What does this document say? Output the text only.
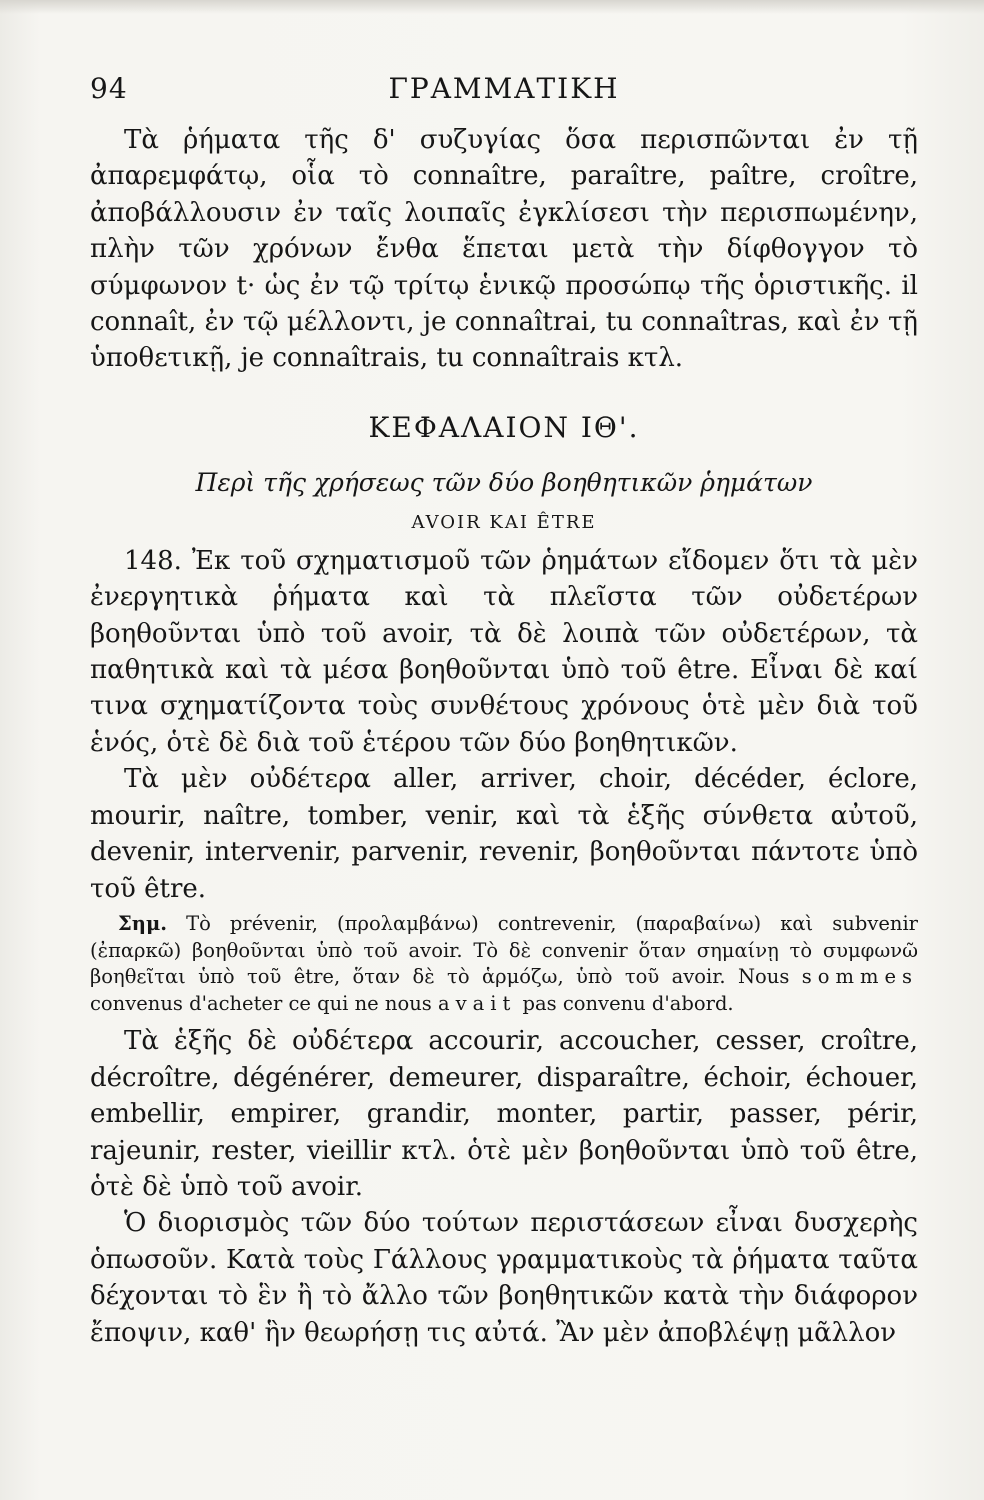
94	ΓΡΑΜΜΑΤΙΚΗ

Τὰ ῥήματα τῆς δ' συζυγίας ὅσα περισπῶνται ἐν τῇ ἀπαρεμφάτῳ, οἷα τὸ connaître, paraître, paître, croître, ἀποβάλλουσιν ἐν ταῖς λοιπαῖς ἐγκλίσεσι τὴν περισπωμένην, πλὴν τῶν χρόνων ἔνθα ἕπεται μετὰ τὴν δίφθογγον τὸ σύμφωνον t· ὡς ἐν τῷ τρίτῳ ἑνικῷ προσώπῳ τῆς ὁριστικῆς. il connaît, ἐν τῷ μέλλοντι, je connaîtrai, tu connaîtras, καὶ ἐν τῇ ὑποθετικῇ, je connaîtrais, tu connaîtrais κτλ.

ΚΕΦΑΛΑΙΟΝ ΙΘ'.
Περὶ τῆς χρήσεως τῶν δύο βοηθητικῶν ῥημάτων
AVOIR ΚΑΙ ÊTRE

148. Ἐκ τοῦ σχηματισμοῦ τῶν ῥημάτων εἴδομεν ὅτι τὰ μὲν ἐνεργητικὰ ῥήματα καὶ τὰ πλεῖστα τῶν οὐδετέρων βοηθοῦνται ὑπὸ τοῦ avoir, τὰ δὲ λοιπὰ τῶν οὐδετέρων, τὰ παθητικὰ καὶ τὰ μέσα βοηθοῦνται ὑπὸ τοῦ être. Εἶναι δὲ καί τινα σχηματίζοντα τοὺς συνθέτους χρόνους ὁτὲ μὲν διὰ τοῦ ἑνός, ὁτὲ δὲ διὰ τοῦ ἑτέρου τῶν δύο βοηθητικῶν.

Τὰ μὲν οὐδέτερα aller, arriver, choir, décéder, éclore, mourir, naître, tomber, venir, καὶ τὰ ἑξῆς σύνθετα αὐτοῦ, devenir, intervenir, parvenir, revenir, βοηθοῦνται πάντοτε ὑπὸ τοῦ être.

Σημ. Τὸ prévenir, (προλαμβάνω) contrevenir, (παραβαίνω) καὶ subvenir (ἐπαρκῶ) βοηθοῦνται ὑπὸ τοῦ avoir. Τὸ δὲ convenir ὅταν σημαίνῃ τὸ συμφωνῶ βοηθεῖται ὑπὸ τοῦ être, ὅταν δὲ τὸ ἁρμόζω, ὑπὸ τοῦ avoir. Nous sommes convenus d'acheter ce qui ne nous avait pas convenu d'abord.

Τὰ ἑξῆς δὲ οὐδέτερα accourir, accoucher, cesser, croître, décroître, dégénérer, demeurer, disparaître, échoir, échouer, embellir, empirer, grandir, monter, partir, passer, périr, rajeunir, rester, vieillir κτλ. ὁτὲ μὲν βοηθοῦνται ὑπὸ τοῦ être, ὁτὲ δὲ ὑπὸ τοῦ avoir.

Ὁ διορισμὸς τῶν δύο τούτων περιστάσεων εἶναι δυσχερὴς ὁπωσοῦν. Κατὰ τοὺς Γάλλους γραμματικοὺς τὰ ῥήματα ταῦτα δέχονται τὸ ἓν ἢ τὸ ἄλλο τῶν βοηθητικῶν κατὰ τὴν διάφορον ἔποψιν, καθ' ἣν θεωρήσῃ τις αὐτά. Ἂν μὲν ἀποβλέψῃ μᾶλλον
